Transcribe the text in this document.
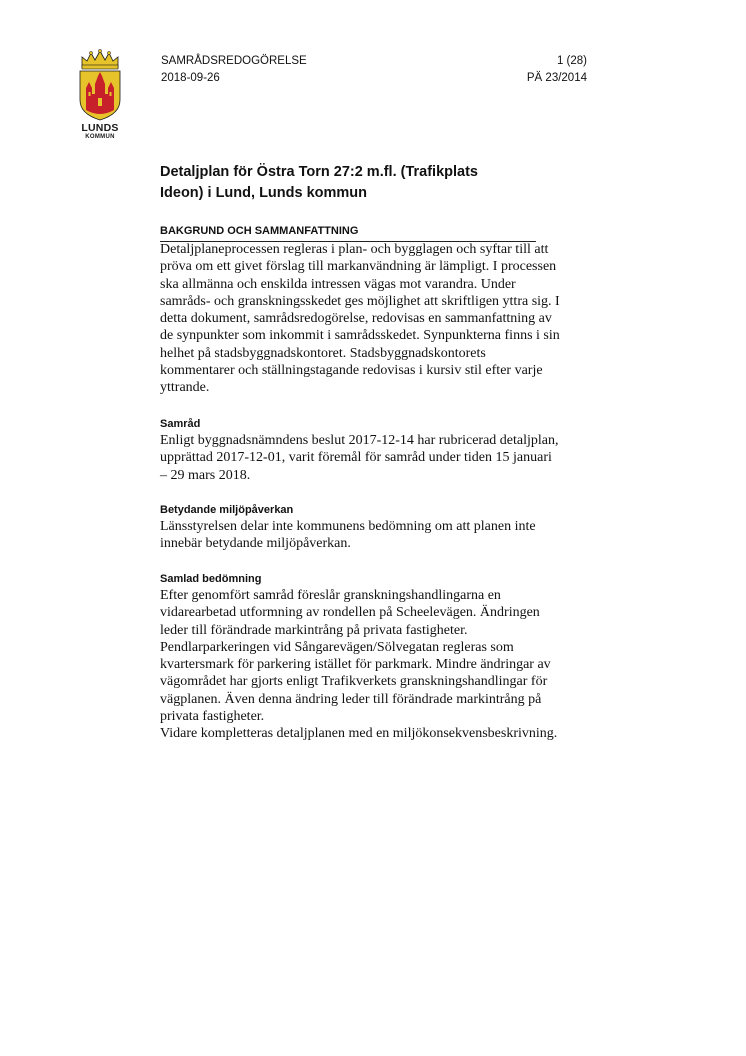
LUNDS
KOMMUN
SAMRÅDSREDOGÖRELSE
2018-09-26
1 (28)
PÄ 23/2014
Detaljplan för Östra Torn 27:2 m.fl. (Trafikplats
Ideon) i Lund, Lunds kommun
BAKGRUND OCH SAMMANFATTNING
Detaljplaneprocessen regleras i plan- och bygglagen och syftar till att
pröva om ett givet förslag till markanvändning är lämpligt. I processen
ska allmänna och enskilda intressen vägas mot varandra. Under
samråds- och granskningsskedet ges möjlighet att skriftligen yttra sig. I
detta dokument, samrådsredogörelse, redovisas en sammanfattning av
de synpunkter som inkommit i samrådsskedet. Synpunkterna finns i sin
helhet på stadsbyggnadskontoret. Stadsbyggnadskontorets
kommentarer och ställningstagande redovisas i kursiv stil efter varje
yttrande.
Samråd
Enligt byggnadsnämndens beslut 2017-12-14 har rubricerad detaljplan,
upprättad 2017-12-01, varit föremål för samråd under tiden 15 januari
– 29 mars 2018.
Betydande miljöpåverkan
Länsstyrelsen delar inte kommunens bedömning om att planen inte
innebär betydande miljöpåverkan.
Samlad bedömning
Efter genomfört samråd föreslår granskningshandlingarna en
vidarearbetad utformning av rondellen på Scheelevägen. Ändringen
leder till förändrade markintrång på privata fastigheter.
Pendlarparkeringen vid Sångarevägen/Sölvegatan regleras som
kvartersmark för parkering istället för parkmark. Mindre ändringar av
vägområdet har gjorts enligt Trafikverkets granskningshandlingar för
vägplanen. Även denna ändring leder till förändrade markintrång på
privata fastigheter.
Vidare kompletteras detaljplanen med en miljökonsekvensbeskrivning.
